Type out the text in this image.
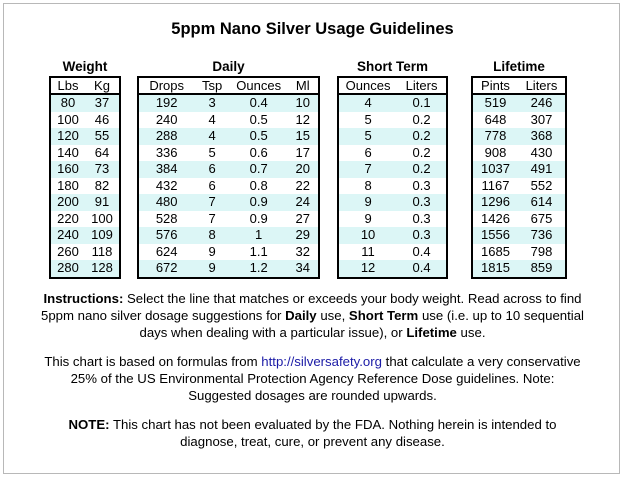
5ppm Nano Silver Usage Guidelines
Weight	Daily	Short Term	Lifetime
Lbs	Kg
80	37
100	46
120	55
140	64
160	73
180	82
200	91
220	100
240	109
260	118
280	128
Drops	Tsp	Ounces	Ml
192	3	0.4	10
240	4	0.5	12
288	4	0.5	15
336	5	0.6	17
384	6	0.7	20
432	6	0.8	22
480	7	0.9	24
528	7	0.9	27
576	8	1	29
624	9	1.1	32
672	9	1.2	34
Ounces	Liters
4	0.1
5	0.2
5	0.2
6	0.2
7	0.2
8	0.3
9	0.3
9	0.3
10	0.3
11	0.4
12	0.4
Pints	Liters
519	246
648	307
778	368
908	430
1037	491
1167	552
1296	614
1426	675
1556	736
1685	798
1815	859
Instructions: Select the line that matches or exceeds your body weight. Read across to find 5ppm nano silver dosage suggestions for Daily use, Short Term use (i.e. up to 10 sequential days when dealing with a particular issue), or Lifetime use.
This chart is based on formulas from http://silversafety.org that calculate a very conservative 25% of the US Environmental Protection Agency Reference Dose guidelines. Note: Suggested dosages are rounded upwards.
NOTE: This chart has not been evaluated by the FDA. Nothing herein is intended to diagnose, treat, cure, or prevent any disease.
